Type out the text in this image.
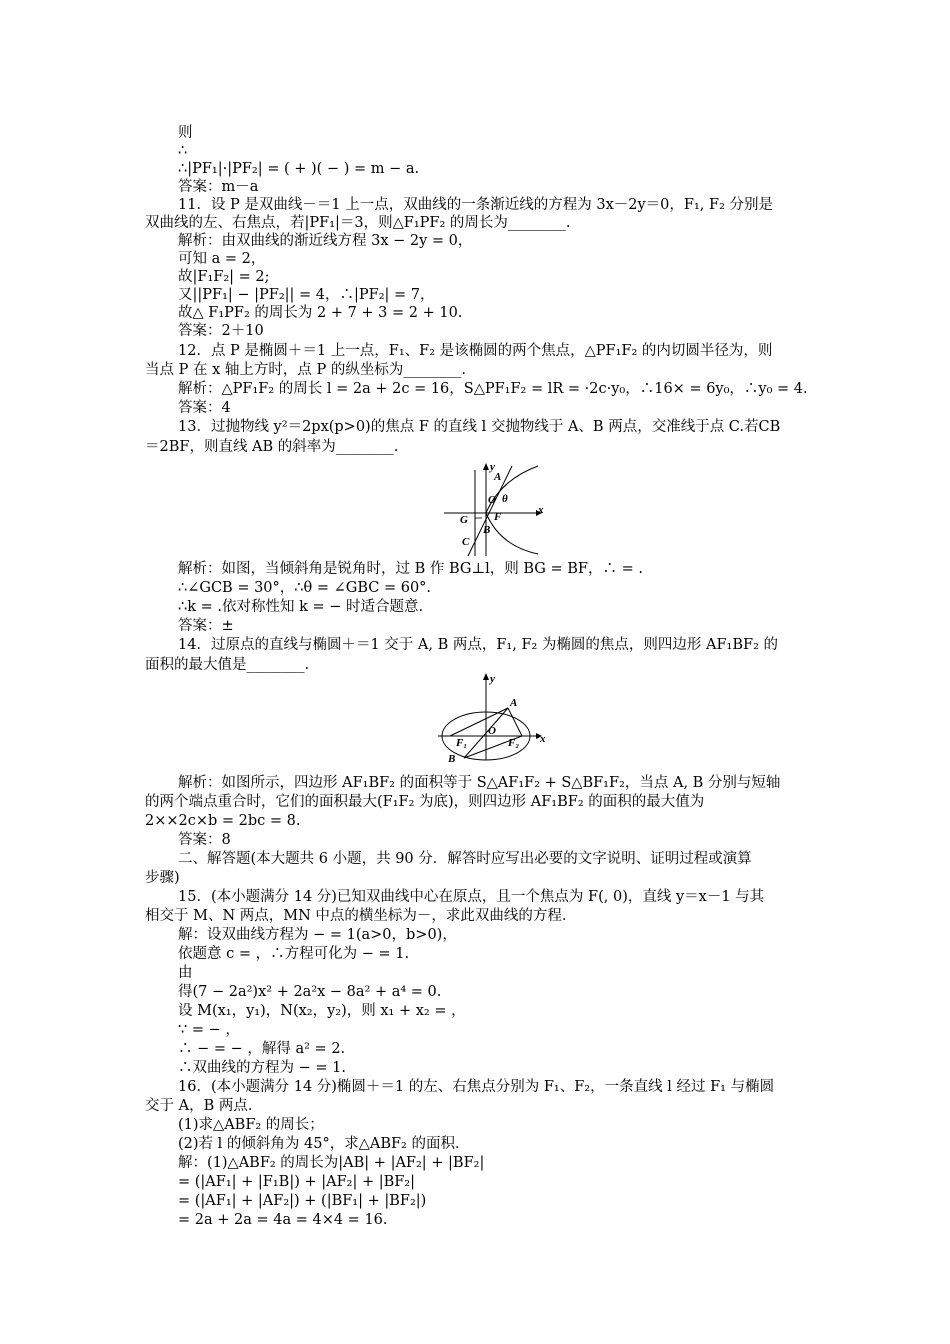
则
∴
∴|PF₁|·|PF₂| = ( + )( − ) = m − a.
答案：m－a
11．设 P 是双曲线－＝1 上一点，双曲线的一条渐近线的方程为 3x－2y＝0，F₁, F₂ 分别是
双曲线的左、右焦点，若|PF₁|＝3，则△F₁PF₂ 的周长为________.
解析：由双曲线的渐近线方程 3x − 2y = 0，
可知 a = 2，
故|F₁F₂| = 2;
又||PF₁| − |PF₂|| = 4，∴|PF₂| = 7，
故△ F₁PF₂ 的周长为 2 + 7 + 3 = 2 + 10.
答案：2＋10
12．点 P 是椭圆＋＝1 上一点，F₁、F₂ 是该椭圆的两个焦点，△PF₁F₂ 的内切圆半径为，则
当点 P 在 x 轴上方时，点 P 的纵坐标为________.
解析：△PF₁F₂ 的周长 l = 2a + 2c = 16，S△PF₁F₂ = lR = ·2c·y₀，∴16× = 6y₀，∴y₀ = 4.
答案：4
13．过抛物线 y²＝2px(p>0)的焦点 F 的直线 l 交抛物线于 A、B 两点，交准线于点 C.若CB
＝2BF，则直线 AB 的斜率为________.
y
x
A
O θ
F
G
B
C
解析：如图，当倾斜角是锐角时，过 B 作 BG⊥l，则 BG = BF，∴ = .
∴∠GCB = 30°，∴θ = ∠GBC = 60°.
∴k = .依对称性知 k = − 时适合题意.
答案：±
14．过原点的直线与椭圆＋＝1 交于 A, B 两点，F₁, F₂ 为椭圆的焦点，则四边形 AF₁BF₂ 的
面积的最大值是________.
y
x
A
F₁
O
F₂
B
解析：如图所示，四边形 AF₁BF₂ 的面积等于 S△AF₁F₂ + S△BF₁F₂，当点 A, B 分别与短轴
的两个端点重合时，它们的面积最大(F₁F₂ 为底)，则四边形 AF₁BF₂ 的面积的最大值为
2××2c×b = 2bc = 8.
答案：8
二、解答题(本大题共 6 小题，共 90 分．解答时应写出必要的文字说明、证明过程或演算
步骤)
15．(本小题满分 14 分)已知双曲线中心在原点，且一个焦点为 F(, 0)，直线 y＝x－1 与其
相交于 M、N 两点，MN 中点的横坐标为－，求此双曲线的方程．
解：设双曲线方程为 − = 1(a>0，b>0)，
依题意 c = ，∴方程可化为 − = 1.
由
得(7 − 2a²)x² + 2a²x − 8a² + a⁴ = 0.
设 M(x₁，y₁)，N(x₂，y₂)，则 x₁ + x₂ = ，
∵ = − ，
∴ − = − ，解得 a² = 2.
∴双曲线的方程为 − = 1.
16．(本小题满分 14 分)椭圆＋＝1 的左、右焦点分别为 F₁、F₂，一条直线 l 经过 F₁ 与椭圆
交于 A，B 两点．
(1)求△ABF₂ 的周长；
(2)若 l 的倾斜角为 45°，求△ABF₂ 的面积．
解：(1)△ABF₂ 的周长为|AB| + |AF₂| + |BF₂|
= (|AF₁| + |F₁B|) + |AF₂| + |BF₂|
= (|AF₁| + |AF₂|) + (|BF₁| + |BF₂|)
= 2a + 2a = 4a = 4×4 = 16.
